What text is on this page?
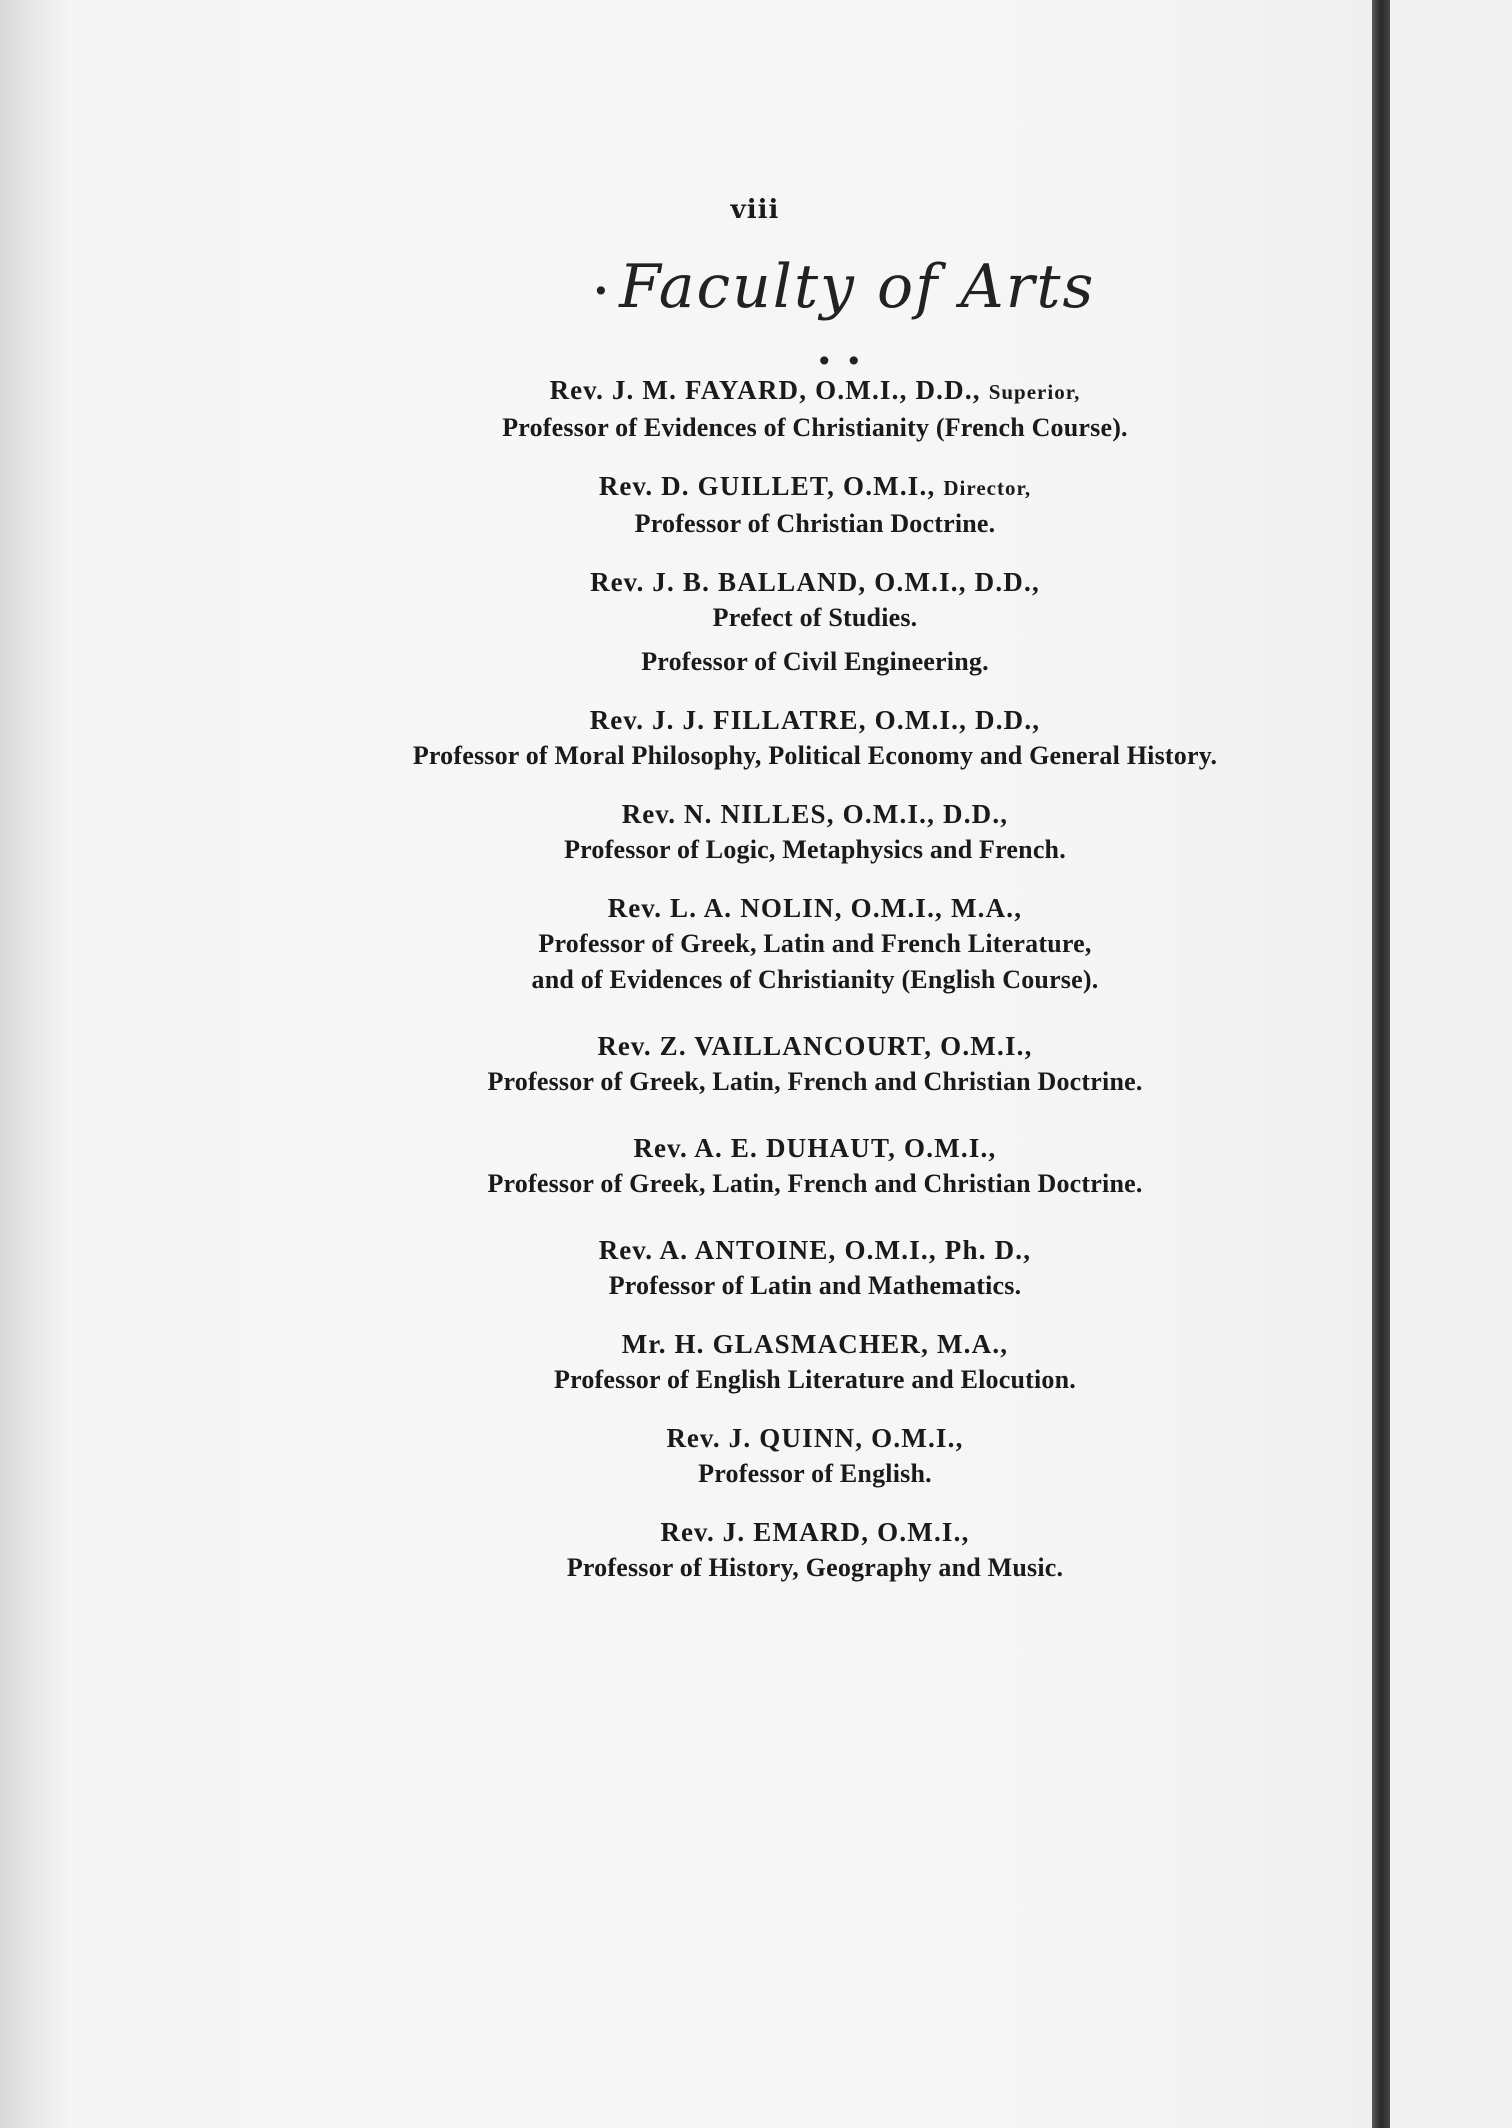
viii
• Faculty of Arts• •
Rev. J. M. FAYARD, O.M.I., D.D., Superior,
Professor of Evidences of Christianity (French Course).
Rev. D. GUILLET, O.M.I., Director,
Professor of Christian Doctrine.
Rev. J. B. BALLAND, O.M.I., D.D.,
Prefect of Studies.
Professor of Civil Engineering.
Rev. J. J. FILLATRE, O.M.I., D.D.,
Professor of Moral Philosophy, Political Economy and General History.
Rev. N. NILLES, O.M.I., D.D.,
Professor of Logic, Metaphysics and French.
Rev. L. A. NOLIN, O.M.I., M.A.,
Professor of Greek, Latin and French Literature,
and of Evidences of Christianity (English Course).
Rev. Z. VAILLANCOURT, O.M.I.,
Professor of Greek, Latin, French and Christian Doctrine.
Rev. A. E. DUHAUT, O.M.I.,
Professor of Greek, Latin, French and Christian Doctrine.
Rev. A. ANTOINE, O.M.I., Ph. D.,
Professor of Latin and Mathematics.
Mr. H. GLASMACHER, M.A.,
Professor of English Literature and Elocution.
Rev. J. QUINN, O.M.I.,
Professor of English.
Rev. J. EMARD, O.M.I.,
Professor of History, Geography and Music.
